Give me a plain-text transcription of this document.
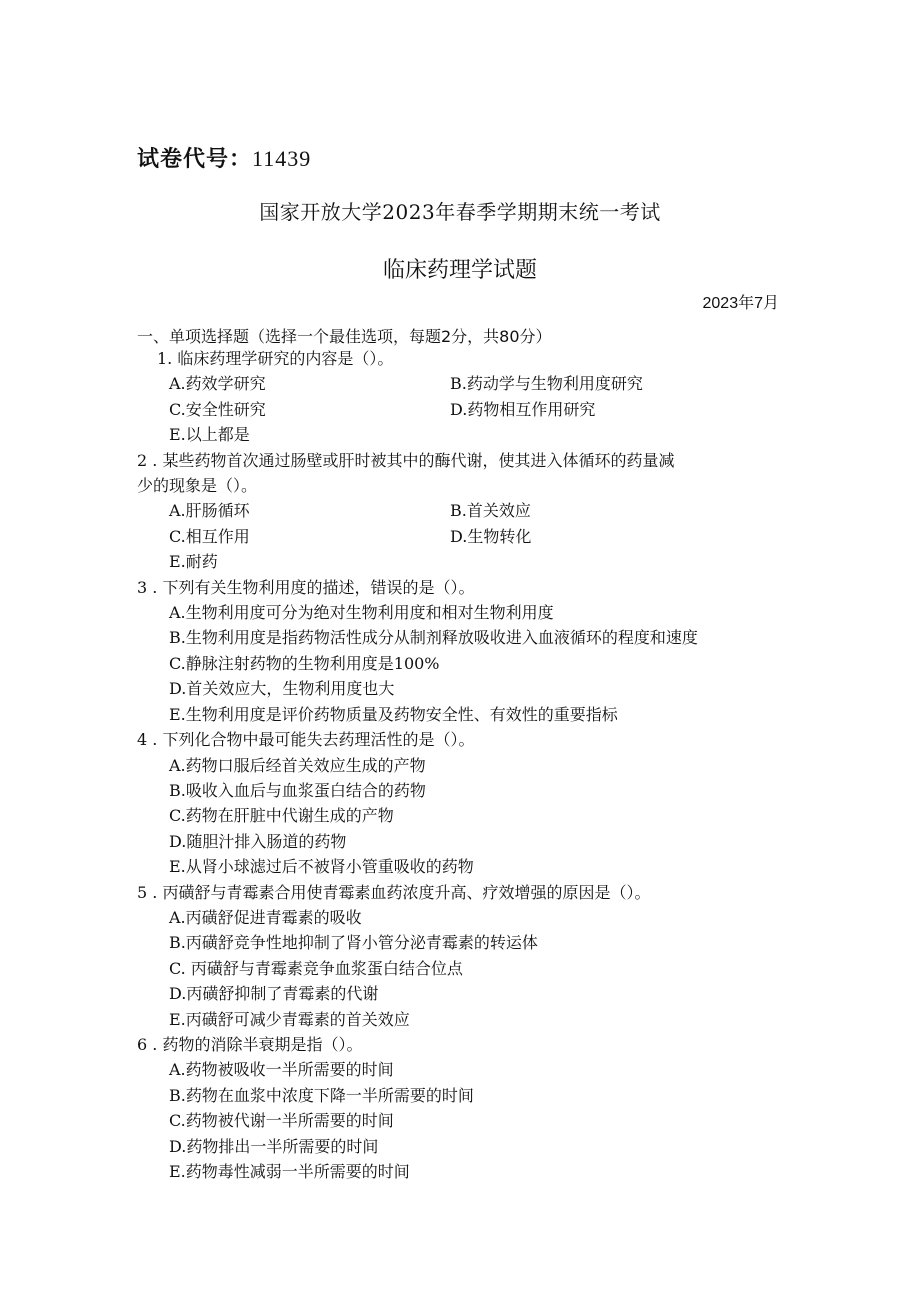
试卷代号：11439
国家开放大学2023年春季学期期末统一考试
临床药理学试题
2023年7月
一、单项选择题（选择一个最佳选项，每题2分，共80分）
1. 临床药理学研究的内容是（）。
A.药效学研究	B.药动学与生物利用度研究
C.安全性研究	D.药物相互作用研究
E.以上都是
2 . 某些药物首次通过肠壁或肝时被其中的酶代谢，使其进入体循环的药量减
少的现象是（）。
A.肝肠循环	B.首关效应
C.相互作用	D.生物转化
E.耐药
3 . 下列有关生物利用度的描述，错误的是（）。
A.生物利用度可分为绝对生物利用度和相对生物利用度
B.生物利用度是指药物活性成分从制剂释放吸收进入血液循环的程度和速度
C.静脉注射药物的生物利用度是100%
D.首关效应大，生物利用度也大
E.生物利用度是评价药物质量及药物安全性、有效性的重要指标
4 . 下列化合物中最可能失去药理活性的是（）。
A.药物口服后经首关效应生成的产物
B.吸收入血后与血浆蛋白结合的药物
C.药物在肝脏中代谢生成的产物
D.随胆汁排入肠道的药物
E.从肾小球滤过后不被肾小管重吸收的药物
5 . 丙磺舒与青霉素合用使青霉素血药浓度升高、疗效增强的原因是（）。
A.丙磺舒促进青霉素的吸收
B.丙磺舒竞争性地抑制了肾小管分泌青霉素的转运体
C. 丙磺舒与青霉素竞争血浆蛋白结合位点
D.丙磺舒抑制了青霉素的代谢
E.丙磺舒可减少青霉素的首关效应
6 . 药物的消除半衰期是指（）。
A.药物被吸收一半所需要的时间
B.药物在血浆中浓度下降一半所需要的时间
C.药物被代谢一半所需要的时间
D.药物排出一半所需要的时间
E.药物毒性减弱一半所需要的时间
